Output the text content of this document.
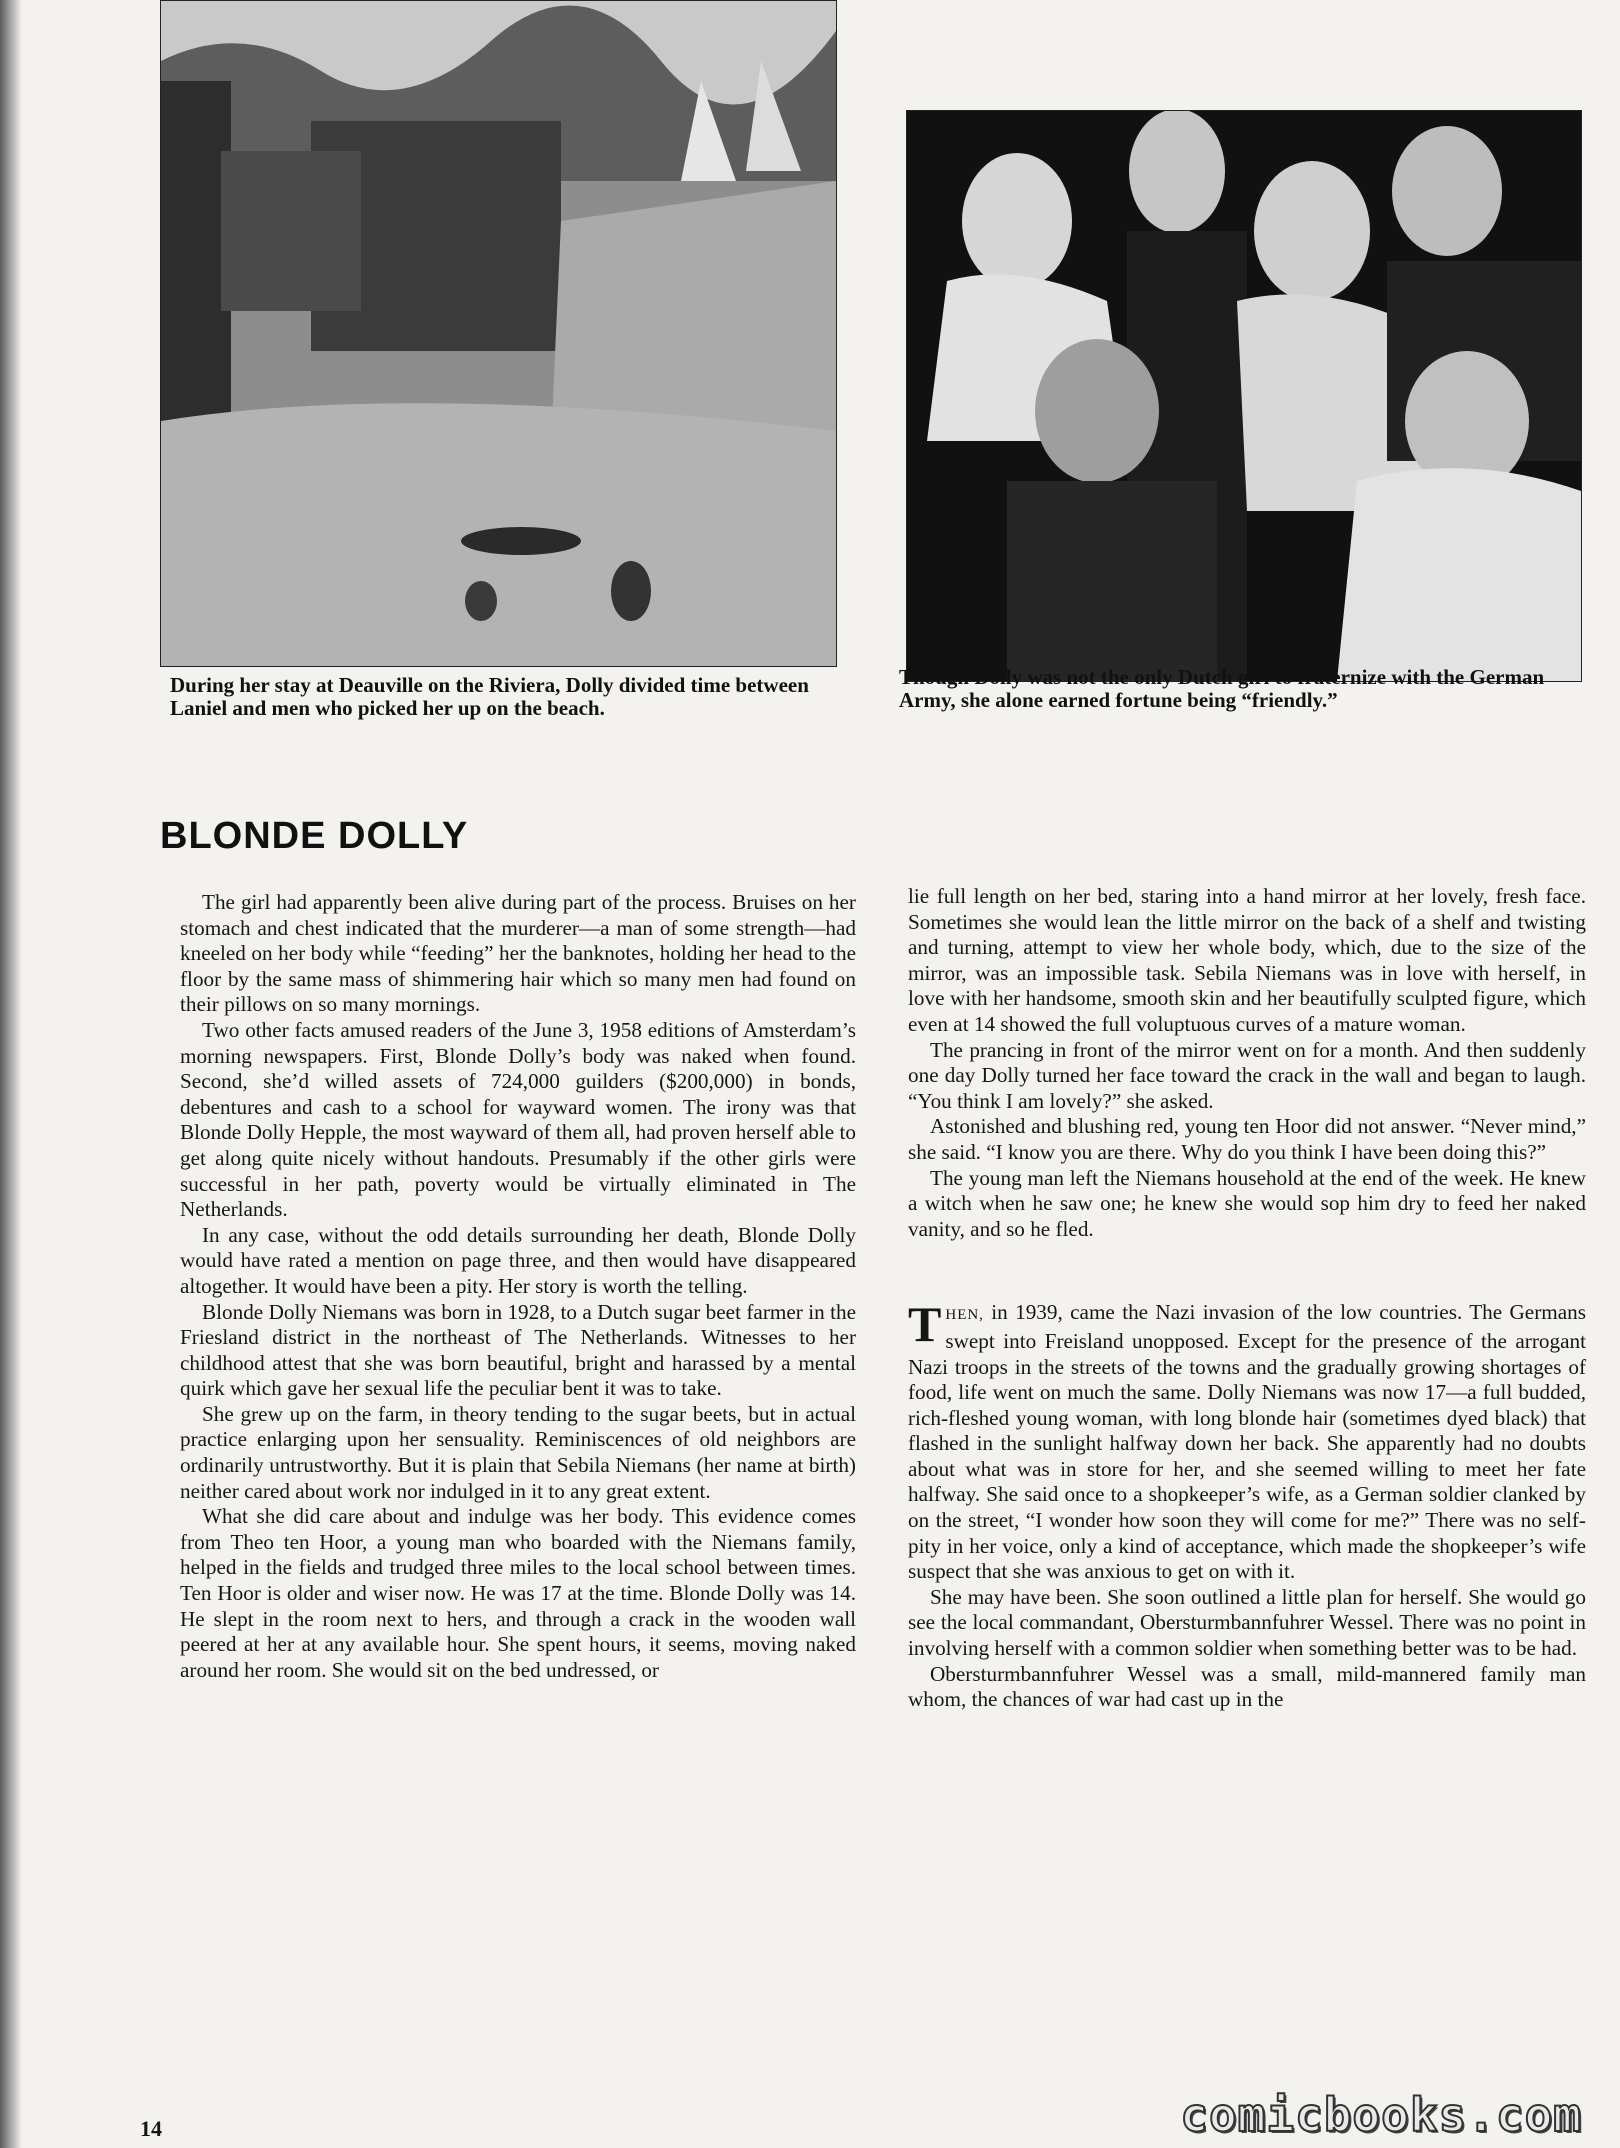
During her stay at Deauville on the Riviera, Dolly divided time between Laniel and men who picked her up on the beach.
Though Dolly was not the only Dutch girl to fraternize with the German Army, she alone earned fortune being “friendly.”
BLONDE DOLLY

The girl had apparently been alive during part of the process. Bruises on her stomach and chest indicated that the murderer—a man of some strength—had kneeled on her body while “feeding” her the banknotes, holding her head to the floor by the same mass of shimmering hair which so many men had found on their pillows on so many mornings.

Two other facts amused readers of the June 3, 1958 editions of Amsterdam’s morning newspapers. First, Blonde Dolly’s body was naked when found. Second, she’d willed assets of 724,000 guilders ($200,000) in bonds, debentures and cash to a school for wayward women. The irony was that Blonde Dolly Hepple, the most wayward of them all, had proven herself able to get along quite nicely without handouts. Presumably if the other girls were successful in her path, poverty would be virtually eliminated in The Netherlands.

In any case, without the odd details surrounding her death, Blonde Dolly would have rated a mention on page three, and then would have disappeared altogether. It would have been a pity. Her story is worth the telling.

Blonde Dolly Niemans was born in 1928, to a Dutch sugar beet farmer in the Friesland district in the northeast of The Netherlands. Witnesses to her childhood attest that she was born beautiful, bright and harassed by a mental quirk which gave her sexual life the peculiar bent it was to take.

She grew up on the farm, in theory tending to the sugar beets, but in actual practice enlarging upon her sensuality. Reminiscences of old neighbors are ordinarily untrustworthy. But it is plain that Sebila Niemans (her name at birth) neither cared about work nor indulged in it to any great extent.

What she did care about and indulge was her body. This evidence comes from Theo ten Hoor, a young man who boarded with the Niemans family, helped in the fields and trudged three miles to the local school between times. Ten Hoor is older and wiser now. He was 17 at the time. Blonde Dolly was 14. He slept in the room next to hers, and through a crack in the wooden wall peered at her at any available hour. She spent hours, it seems, moving naked around her room. She would sit on the bed undressed, or

lie full length on her bed, staring into a hand mirror at her lovely, fresh face. Sometimes she would lean the little mirror on the back of a shelf and twisting and turning, attempt to view her whole body, which, due to the size of the mirror, was an impossible task. Sebila Niemans was in love with herself, in love with her handsome, smooth skin and her beautifully sculpted figure, which even at 14 showed the full voluptuous curves of a mature woman.

The prancing in front of the mirror went on for a month. And then suddenly one day Dolly turned her face toward the crack in the wall and began to laugh. “You think I am lovely?” she asked.

Astonished and blushing red, young ten Hoor did not answer. “Never mind,” she said. “I know you are there. Why do you think I have been doing this?”

The young man left the Niemans household at the end of the week. He knew a witch when he saw one; he knew she would sop him dry to feed her naked vanity, and so he fled.

THEN, in 1939, came the Nazi invasion of the low countries. The Germans swept into Freisland unopposed. Except for the presence of the arrogant Nazi troops in the streets of the towns and the gradually growing shortages of food, life went on much the same. Dolly Niemans was now 17—a full budded, rich-fleshed young woman, with long blonde hair (sometimes dyed black) that flashed in the sunlight halfway down her back. She apparently had no doubts about what was in store for her, and she seemed willing to meet her fate halfway. She said once to a shopkeeper’s wife, as a German soldier clanked by on the street, “I wonder how soon they will come for me?” There was no self-pity in her voice, only a kind of acceptance, which made the shopkeeper’s wife suspect that she was anxious to get on with it.

She may have been. She soon outlined a little plan for herself. She would go see the local commandant, Obersturmbannfuhrer Wessel. There was no point in involving herself with a common soldier when something better was to be had.

Obersturmbannfuhrer Wessel was a small, mild-mannered family man whom, the chances of war had cast up in the

14	comicbooks.com
